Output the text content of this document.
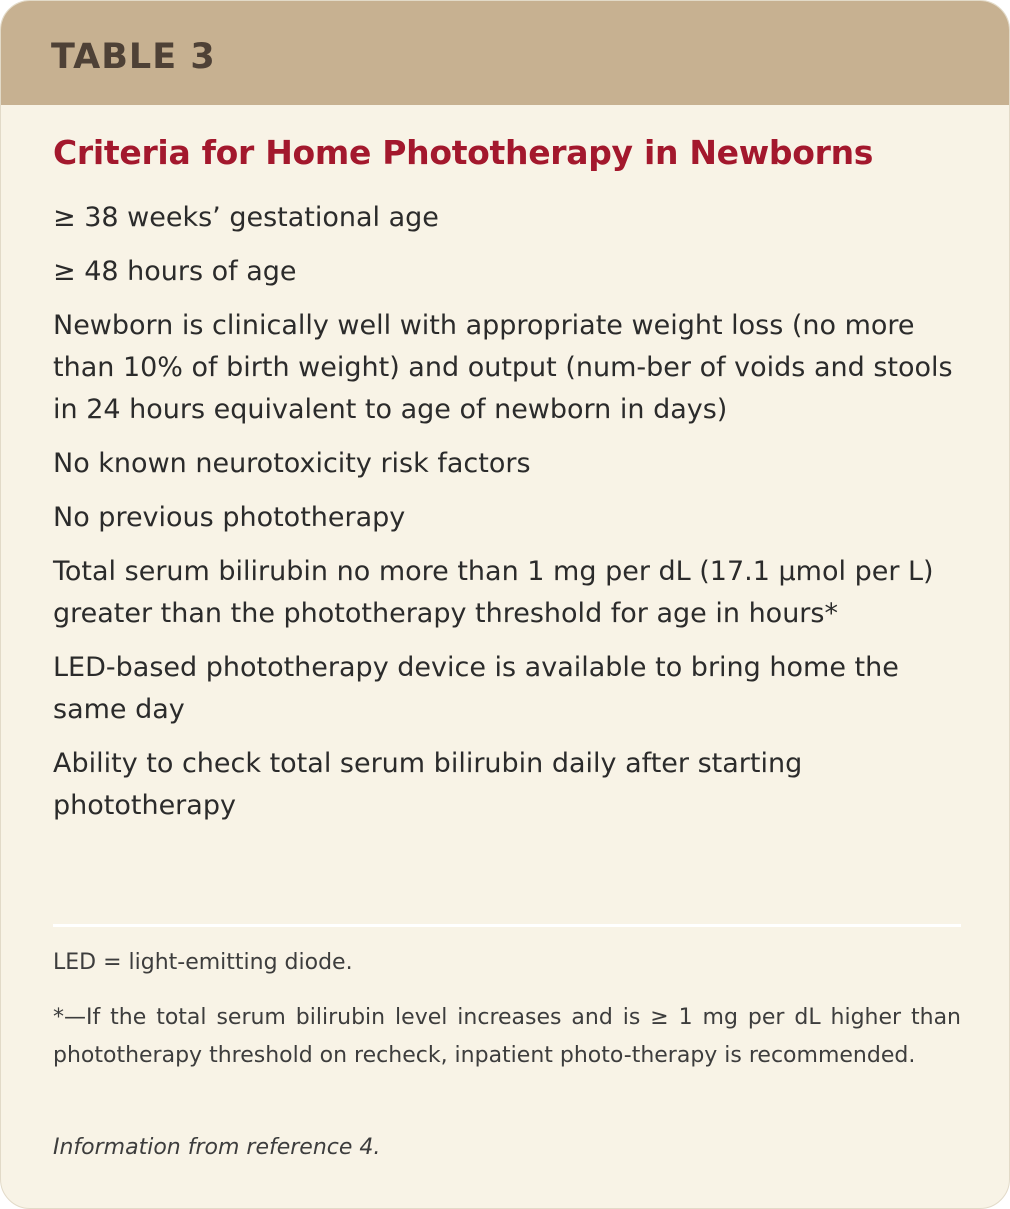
TABLE 3
Criteria for Home Phototherapy in Newborns
≥ 38 weeks’ gestational age
≥ 48 hours of age
Newborn is clinically well with appropriate weight loss (no more than 10% of birth weight) and output (num-ber of voids and stools in 24 hours equivalent to age of newborn in days)
No known neurotoxicity risk factors
No previous phototherapy
Total serum bilirubin no more than 1 mg per dL (17.1 μmol per L) greater than the phototherapy threshold for age in hours*
LED-based phototherapy device is available to bring home the same day
Ability to check total serum bilirubin daily after starting phototherapy
LED = light-emitting diode.
*—If the total serum bilirubin level increases and is ≥ 1 mg per dL higher than phototherapy threshold on recheck, inpatient photo-therapy is recommended.
Information from reference 4.
